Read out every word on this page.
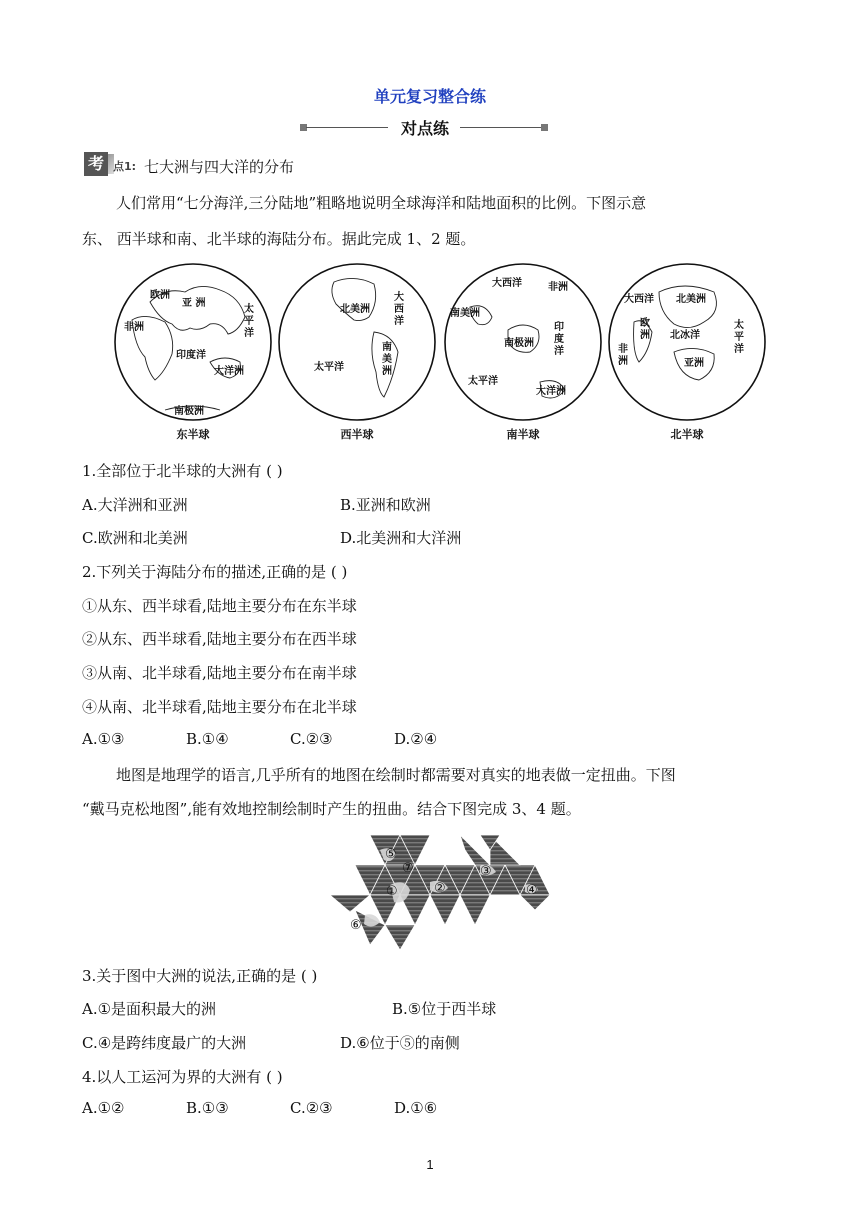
单元复习整合练
对点练
考 点1: 七大洲与四大洋的分布
人们常用“七分海洋,三分陆地”粗略地说明全球海洋和陆地面积的比例。下图示意
东、 西半球和南、北半球的海陆分布。据此完成 1、2 题。
欧洲
亚 洲
非洲
太
平
洋
印度洋
大洋洲
南极洲
东半球
北美洲
大
西
洋
南
美
洲
太平洋
西半球
大西洋	非洲
南美洲
南极洲
印
度
洋
太平洋
大洋洲
南半球
大西洋 北美洲
欧
洲
非
洲
北冰洋
亚洲
太
平
洋
北半球
1.全部位于北半球的大洲有 ( )
A.大洋洲和亚洲	B.亚洲和欧洲
C.欧洲和北美洲	D.北美洲和大洋洲
2.下列关于海陆分布的描述,正确的是 ( )
①从东、西半球看,陆地主要分布在东半球
②从东、西半球看,陆地主要分布在西半球
③从南、北半球看,陆地主要分布在南半球
④从南、北半球看,陆地主要分布在北半球
A.①③	B.①④	C.②③	D.②④
地图是地理学的语言,几乎所有的地图在绘制时都需要对真实的地表做一定扭曲。下图
“戴马克松地图”,能有效地控制绘制时产生的扭曲。结合下图完成 3、4 题。
⑤
⑦
①	②
③
④
⑥
3.关于图中大洲的说法,正确的是 ( )
A.①是面积最大的洲	B.⑤位于西半球
C.④是跨纬度最广的大洲	D.⑥位于⑤的南侧
4.以人工运河为界的大洲有 ( )
A.①②	B.①③	C.②③	D.①⑥
1
